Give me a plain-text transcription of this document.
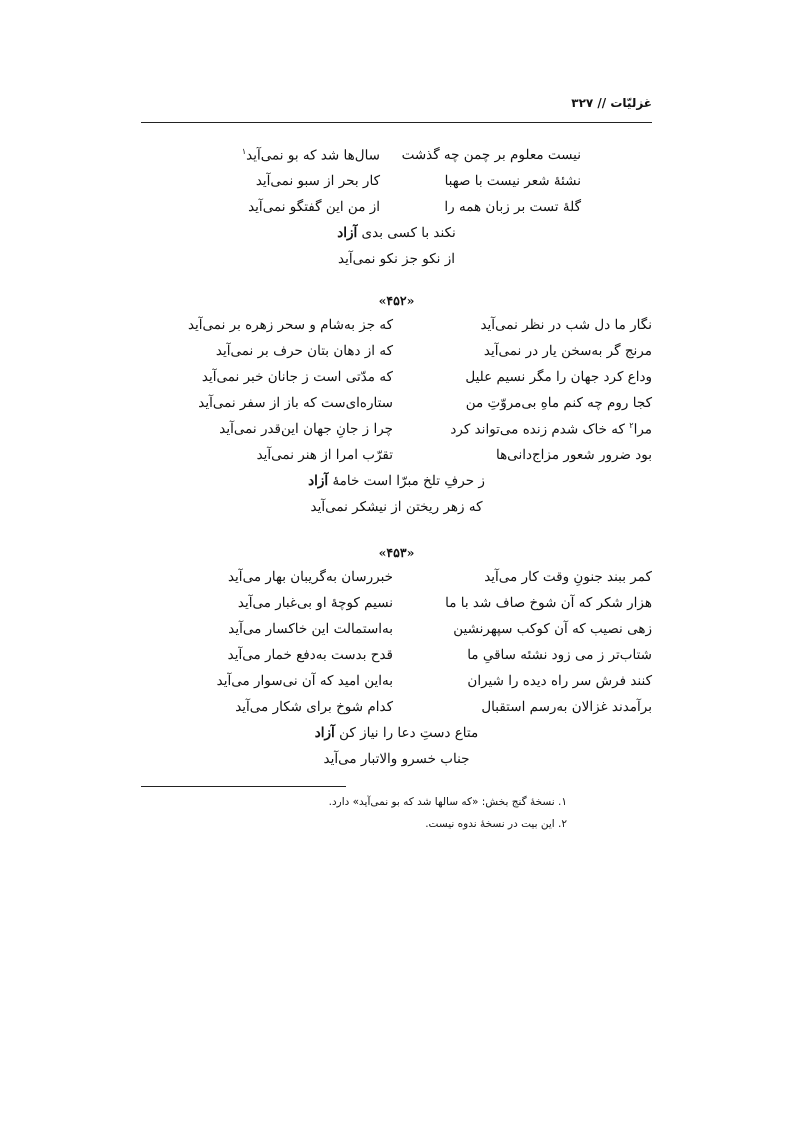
غزلیّات // ۳۲۷
نیست معلوم بر چمن چه گذشت
سال‌ها شد که بو نمی‌آید$^۱$
نشئهٔ شعر نیست با صهبا
کار بحر از سبو نمی‌آید
گلهٔ تست بر زبان همه را
از من این گفتگو نمی‌آید
نکند با کسی بدی آزاد
از نکو جز نکو نمی‌آید
«۴۵۲»
نگار ما دل شب در نظر نمی‌آید
که جز به‌شام و سحر زهره بر نمی‌آید
مرنج گر به‌سخن یار در نمی‌آید
که از دهان بتان حرف بر نمی‌آید
وداع کرد جهان را مگر نسیم علیل
که مدّتی است ز جانان خبر نمی‌آید
کجا روم چه کنم ماهِ بی‌مروّتِ من
ستاره‌ای‌ست که باز از سفر نمی‌آید
مرا$^۲$ که خاک شدم زنده می‌تواند کرد
چرا ز جانِ جهان این‌قدر نمی‌آید
بود ضرور شعور مزاج‌دانی‌ها
تقرّب امرا از هنر نمی‌آید
ز حرفِ تلخ مبرّا است خامهٔ آزاد
که زهر ریختن از نیشکر نمی‌آید
«۴۵۳»
کمر ببند جنونِ وقت کار می‌آید
خبررسان به‌گریبان بهار می‌آید
هزار شکر که آن شوخ صاف شد با ما
نسیم کوچهٔ او بی‌غبار می‌آید
زهی نصیب که آن کوکب سپهرنشین
به‌استمالت این خاکسار می‌آید
شتاب‌تر ز می زود نشئه ساقیِ ما
قدح بدست به‌دفع خمار می‌آید
کنند فرش سر راه دیده را شیران
به‌این امید که آن نی‌سوار می‌آید
برآمدند غزالان به‌رسم استقبال
کدام شوخ برای شکار می‌آید
متاع دستِ دعا را نیاز کن آزاد
جناب خسرو والاتبار می‌آید
۱. نسخهٔ گنج بخش: «که سالها شد که بو نمی‌آید» دارد.
۲. این بیت در نسخهٔ ندوه نیست.
